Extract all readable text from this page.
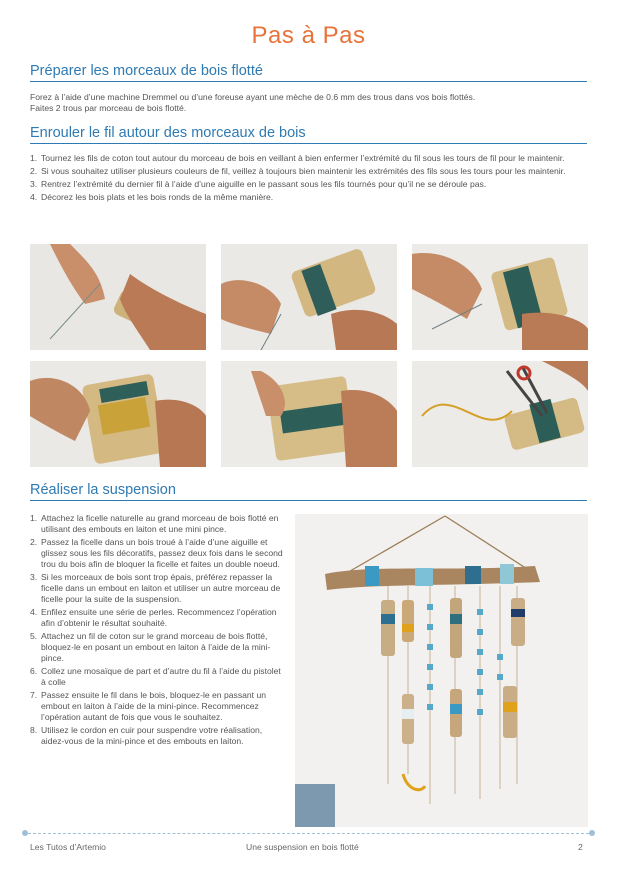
Pas à Pas
Préparer les morceaux de bois flotté
Forez à l’aide d’une machine Dremmel ou d’une foreuse ayant une mèche de 0.6 mm des trous dans vos bois flottés.
Faites 2 trous par morceau de bois flotté.
Enrouler le fil autour des morceaux de bois
1. Tournez les fils de coton tout autour du morceau de bois en veillant à bien enfermer l’extrémité du fil sous les tours de fil pour le maintenir.
2. Si vous souhaitez utiliser plusieurs couleurs de fil, veillez à toujours bien maintenir les extrémités des fils sous les tours pour les maintenir.
3. Rentrez l’extrémité du dernier fil à l’aide d’une aiguille en le passant sous les fils tournés pour qu’il ne se déroule pas.
4. Décorez les bois plats et les bois ronds de la même manière.
Réaliser la suspension
1. Attachez la ficelle naturelle au grand morceau de bois flotté en utilisant des embouts en laiton et une mini pince.
2. Passez la ficelle dans un bois troué à l’aide d’une aiguille et glissez sous les fils décoratifs, passez deux fois dans le second trou du bois afin de bloquer la ficelle et faites un double noeud.
3. Si les morceaux de bois sont trop épais, préférez repasser la ficelle dans un embout en laiton et utiliser un autre morceau de ficelle pour la suite de la suspension.
4. Enfilez ensuite une série de perles. Recommencez l’opération afin d’obtenir le résultat souhaité.
5. Attachez un fil de coton sur le grand morceau de bois flotté, bloquez-le en posant un embout en laiton à l’aide de la mini-pince.
6. Collez une mosaïque de part et d’autre du fil à l’aide du pistolet à colle
7. Passez ensuite le fil dans le bois, bloquez-le en passant un embout en laiton à l’aide de la mini-pince. Recommencez l’opération autant de fois que vous le souhaitez.
8. Utilisez le cordon en cuir pour suspendre votre réalisation, aidez-vous de la mini-pince et des embouts en laiton.
Les Tutos d’Artemio	Une suspension en bois flotté	2
